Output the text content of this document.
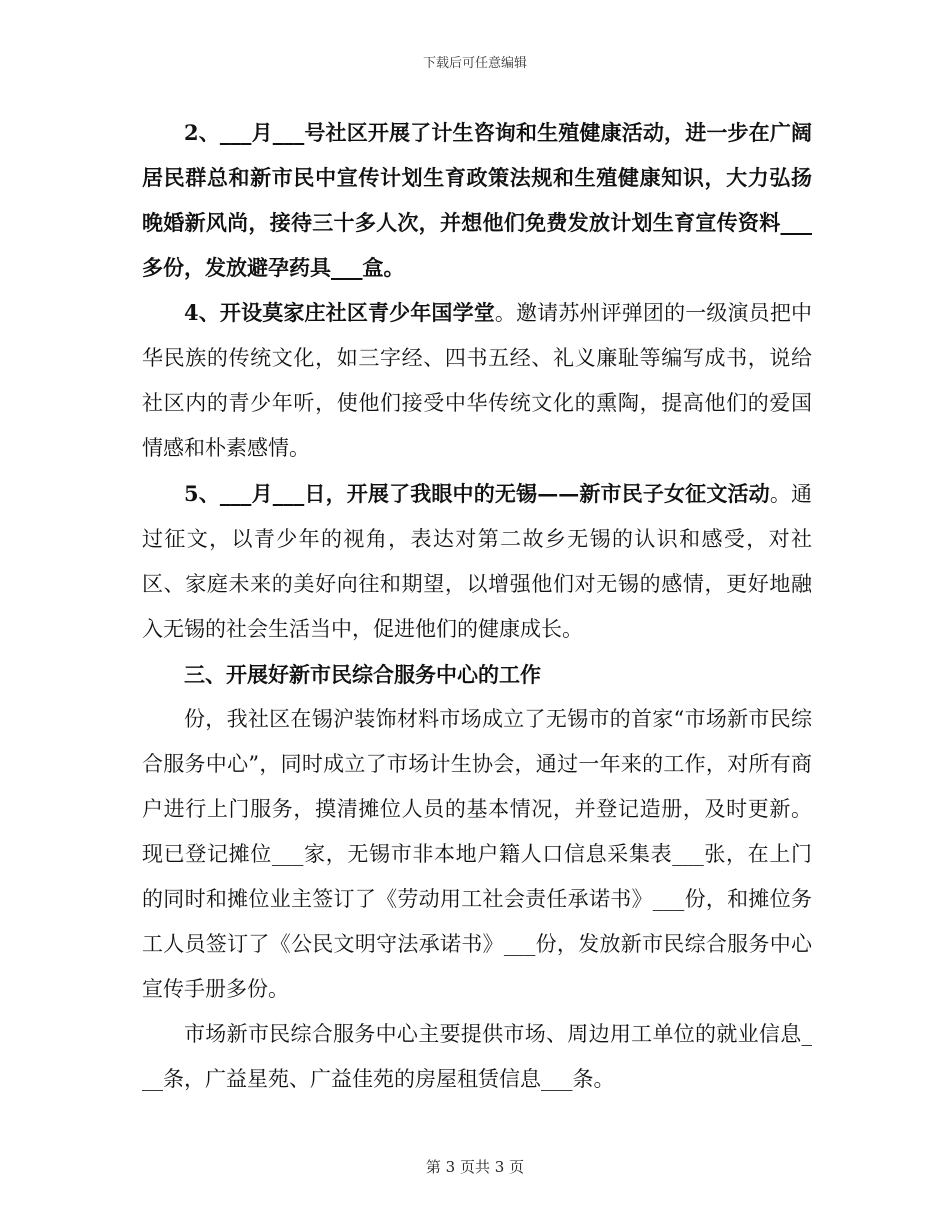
下载后可任意编辑

2、___月___号社区开展了计生咨询和生殖健康活动，进一步在广阔居民群总和新市民中宣传计划生育政策法规和生殖健康知识，大力弘扬晚婚新风尚，接待三十多人次，并想他们免费发放计划生育宣传资料___多份，发放避孕药具___盒。

4、开设莫家庄社区青少年国学堂。邀请苏州评弹团的一级演员把中华民族的传统文化，如三字经、四书五经、礼义廉耻等编写成书，说给社区内的青少年听，使他们接受中华传统文化的熏陶，提高他们的爱国情感和朴素感情。

5、___月___日，开展了我眼中的无锡——新市民子女征文活动。通过征文，以青少年的视角，表达对第二故乡无锡的认识和感受，对社区、家庭未来的美好向往和期望，以增强他们对无锡的感情，更好地融入无锡的社会生活当中，促进他们的健康成长。

三、开展好新市民综合服务中心的工作

份，我社区在锡沪装饰材料市场成立了无锡市的首家“市场新市民综合服务中心”，同时成立了市场计生协会，通过一年来的工作，对所有商户进行上门服务，摸清摊位人员的基本情况，并登记造册，及时更新。现已登记摊位___家，无锡市非本地户籍人口信息采集表___张，在上门的同时和摊位业主签订了《劳动用工社会责任承诺书》___份，和摊位务工人员签订了《公民文明守法承诺书》___份，发放新市民综合服务中心宣传手册多份。

市场新市民综合服务中心主要提供市场、周边用工单位的就业信息___条，广益星苑、广益佳苑的房屋租赁信息___条。

第 3 页共 3 页
